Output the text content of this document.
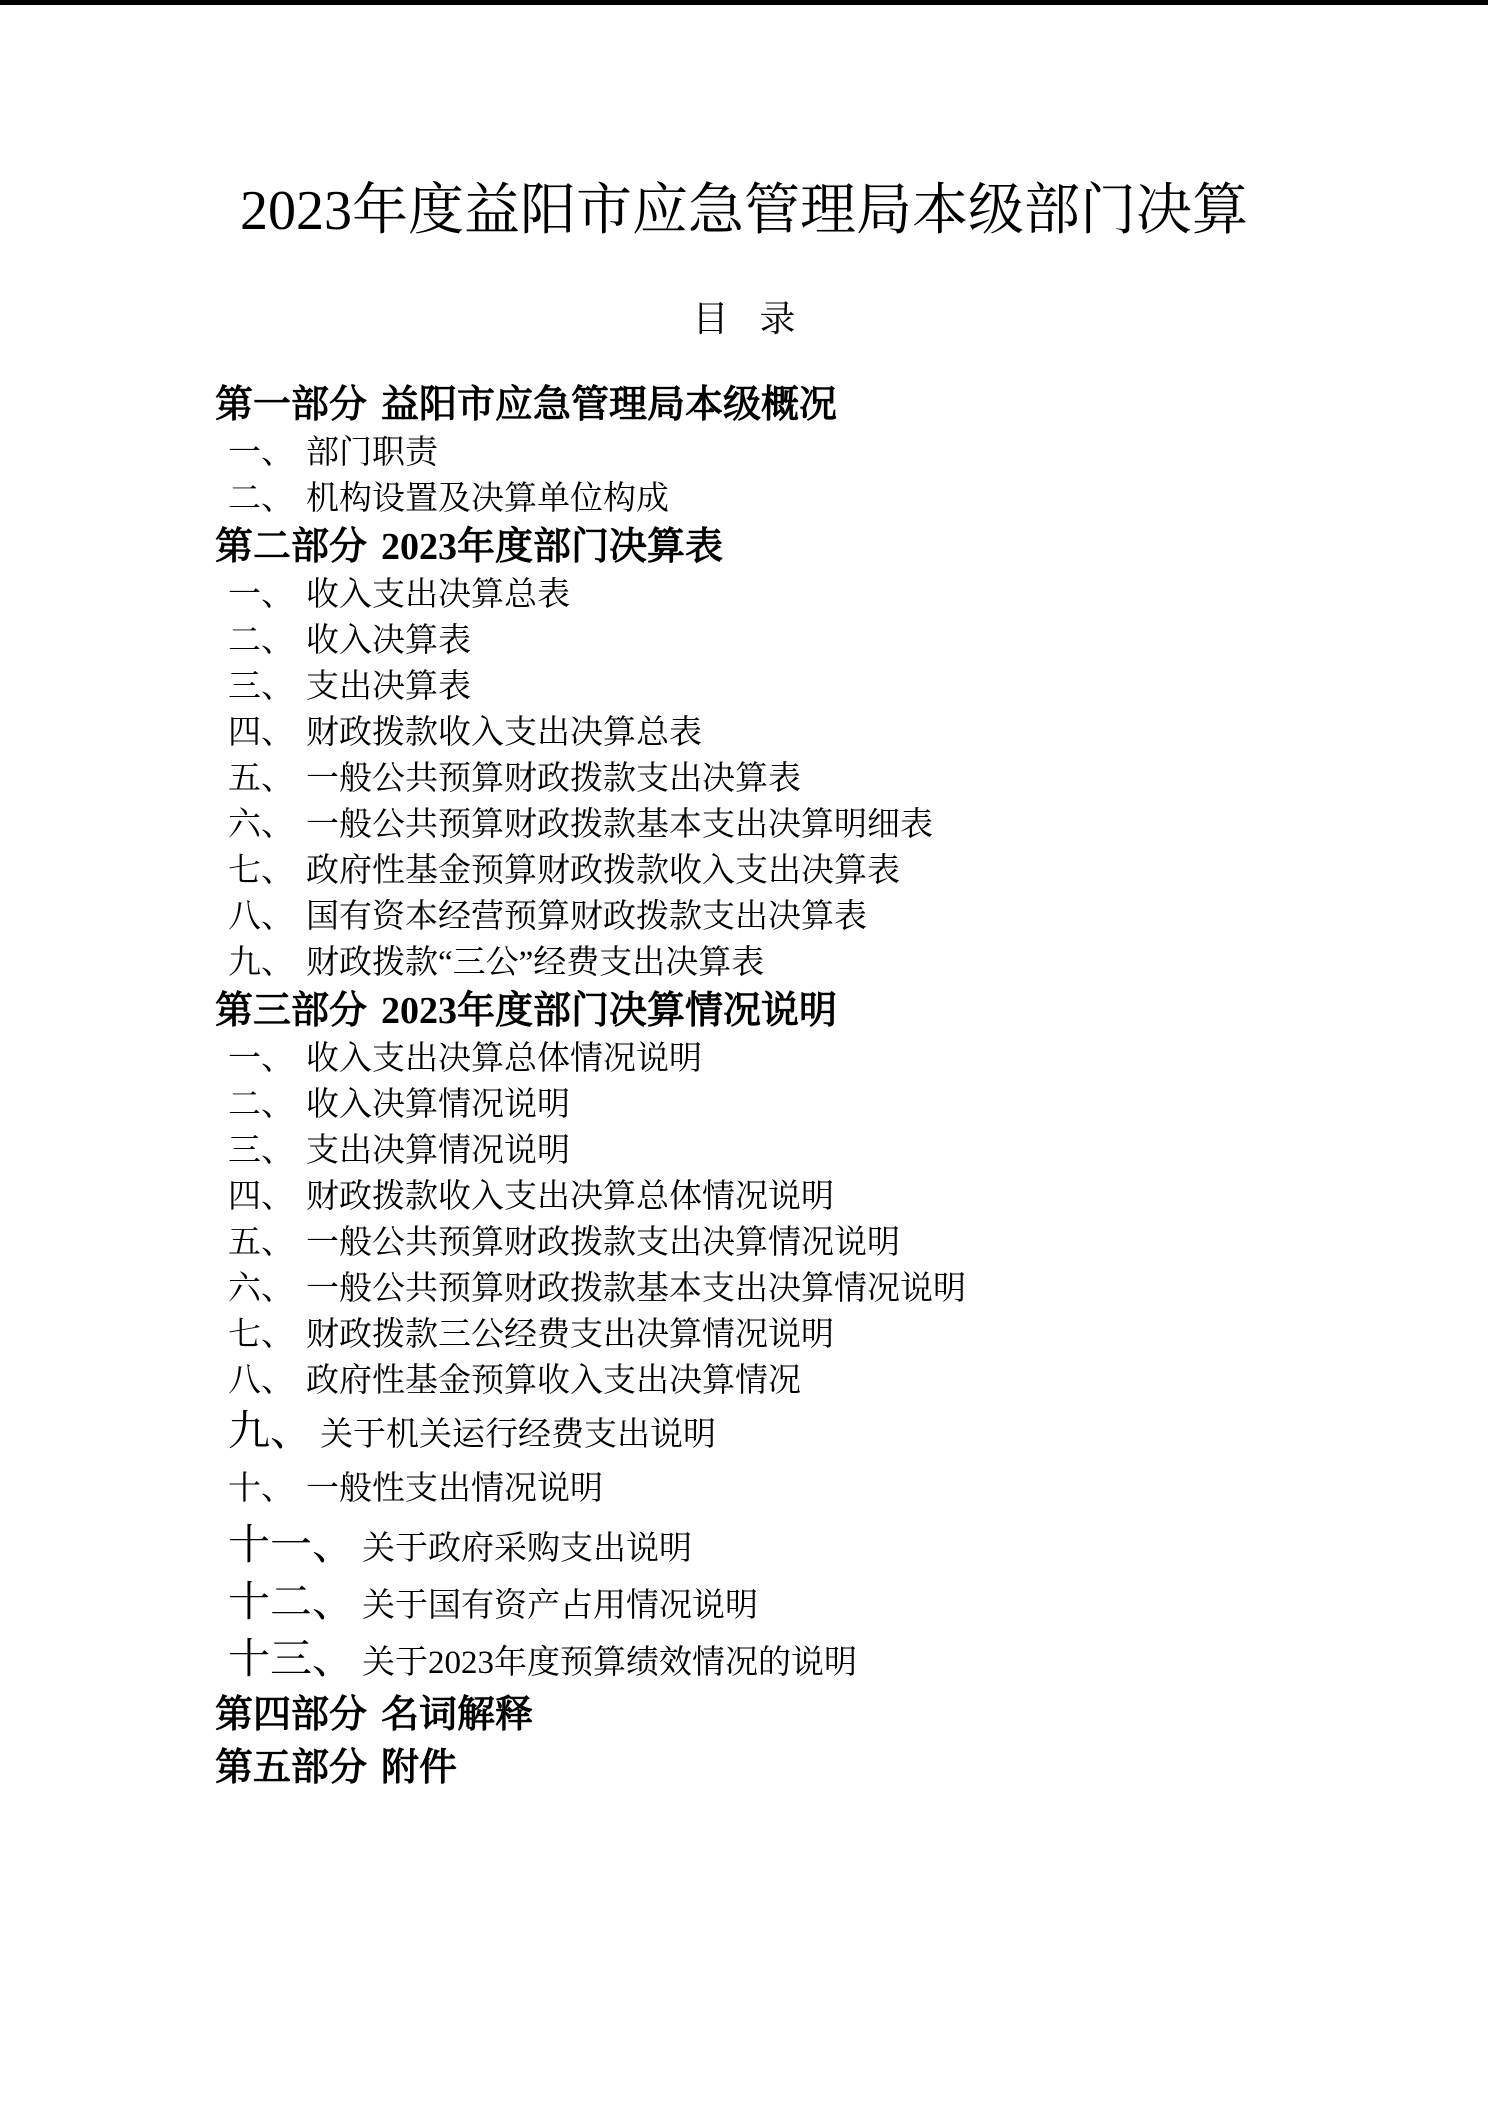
2023年度益阳市应急管理局本级部门决算
目 录
第一部分 益阳市应急管理局本级概况
一、 部门职责
二、 机构设置及决算单位构成
第二部分 2023年度部门决算表
一、 收入支出决算总表
二、 收入决算表
三、 支出决算表
四、 财政拨款收入支出决算总表
五、 一般公共预算财政拨款支出决算表
六、 一般公共预算财政拨款基本支出决算明细表
七、 政府性基金预算财政拨款收入支出决算表
八、 国有资本经营预算财政拨款支出决算表
九、 财政拨款“三公”经费支出决算表
第三部分 2023年度部门决算情况说明
一、 收入支出决算总体情况说明
二、 收入决算情况说明
三、 支出决算情况说明
四、 财政拨款收入支出决算总体情况说明
五、 一般公共预算财政拨款支出决算情况说明
六、 一般公共预算财政拨款基本支出决算情况说明
七、 财政拨款三公经费支出决算情况说明
八、 政府性基金预算收入支出决算情况
九、 关于机关运行经费支出说明
十、 一般性支出情况说明
十一、 关于政府采购支出说明
十二、 关于国有资产占用情况说明
十三、 关于2023年度预算绩效情况的说明
第四部分 名词解释
第五部分 附件
